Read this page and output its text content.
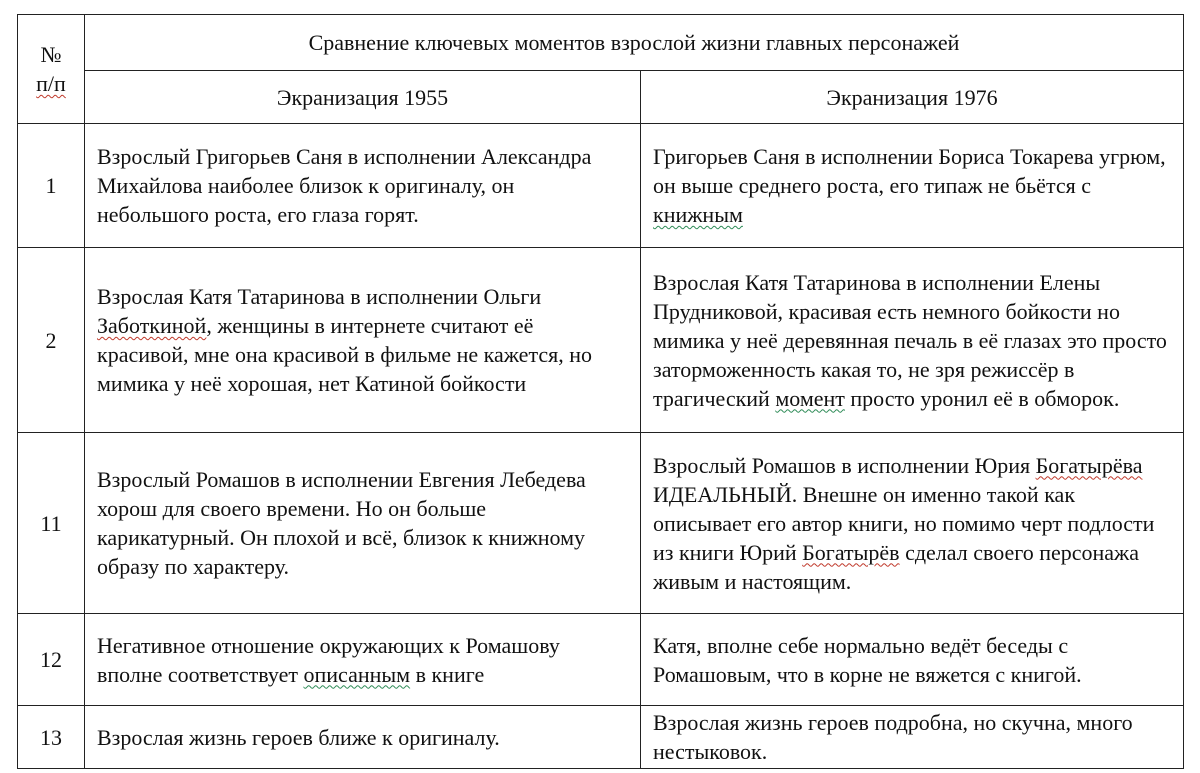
№
п/п	Сравнение ключевых моментов взрослой жизни главных персонажей	
	Экранизация 1955	Экранизация 1976
1	Взрослый Григорьев Саня в исполнении Александра Михайлова наиболее близок к оригиналу, он небольшого роста, его глаза горят.	Григорьев Саня в исполнении Бориса Токарева угрюм, он выше среднего роста, его типаж не бьётся с книжным
2	Взрослая Катя Татаринова в исполнении Ольги Заботкиной, женщины в интернете считают её красивой, мне она красивой в фильме не кажется, но мимика у неё хорошая, нет Катиной бойкости	Взрослая Катя Татаринова в исполнении Елены Прудниковой, красивая есть немного бойкости но мимика у неё деревянная печаль в её глазах это просто заторможенность какая то, не зря режиссёр в трагический момент просто уронил её в обморок.
11	Взрослый Ромашов в исполнении Евгения Лебедева хорош для своего времени. Но он больше карикатурный. Он плохой и всё, близок к книжному образу по характеру.	Взрослый Ромашов в исполнении Юрия Богатырёва ИДЕАЛЬНЫЙ. Внешне он именно такой как описывает его автор книги, но помимо черт подлости из книги Юрий Богатырёв сделал своего персонажа живым и настоящим.
12	Негативное отношение окружающих к Ромашову вполне соответствует описанным в книге	Катя, вполне себе нормально ведёт беседы с Ромашовым, что в корне не вяжется с книгой.
13	Взрослая жизнь героев ближе к оригиналу.	Взрослая жизнь героев подробна, но скучна, много нестыковок.
